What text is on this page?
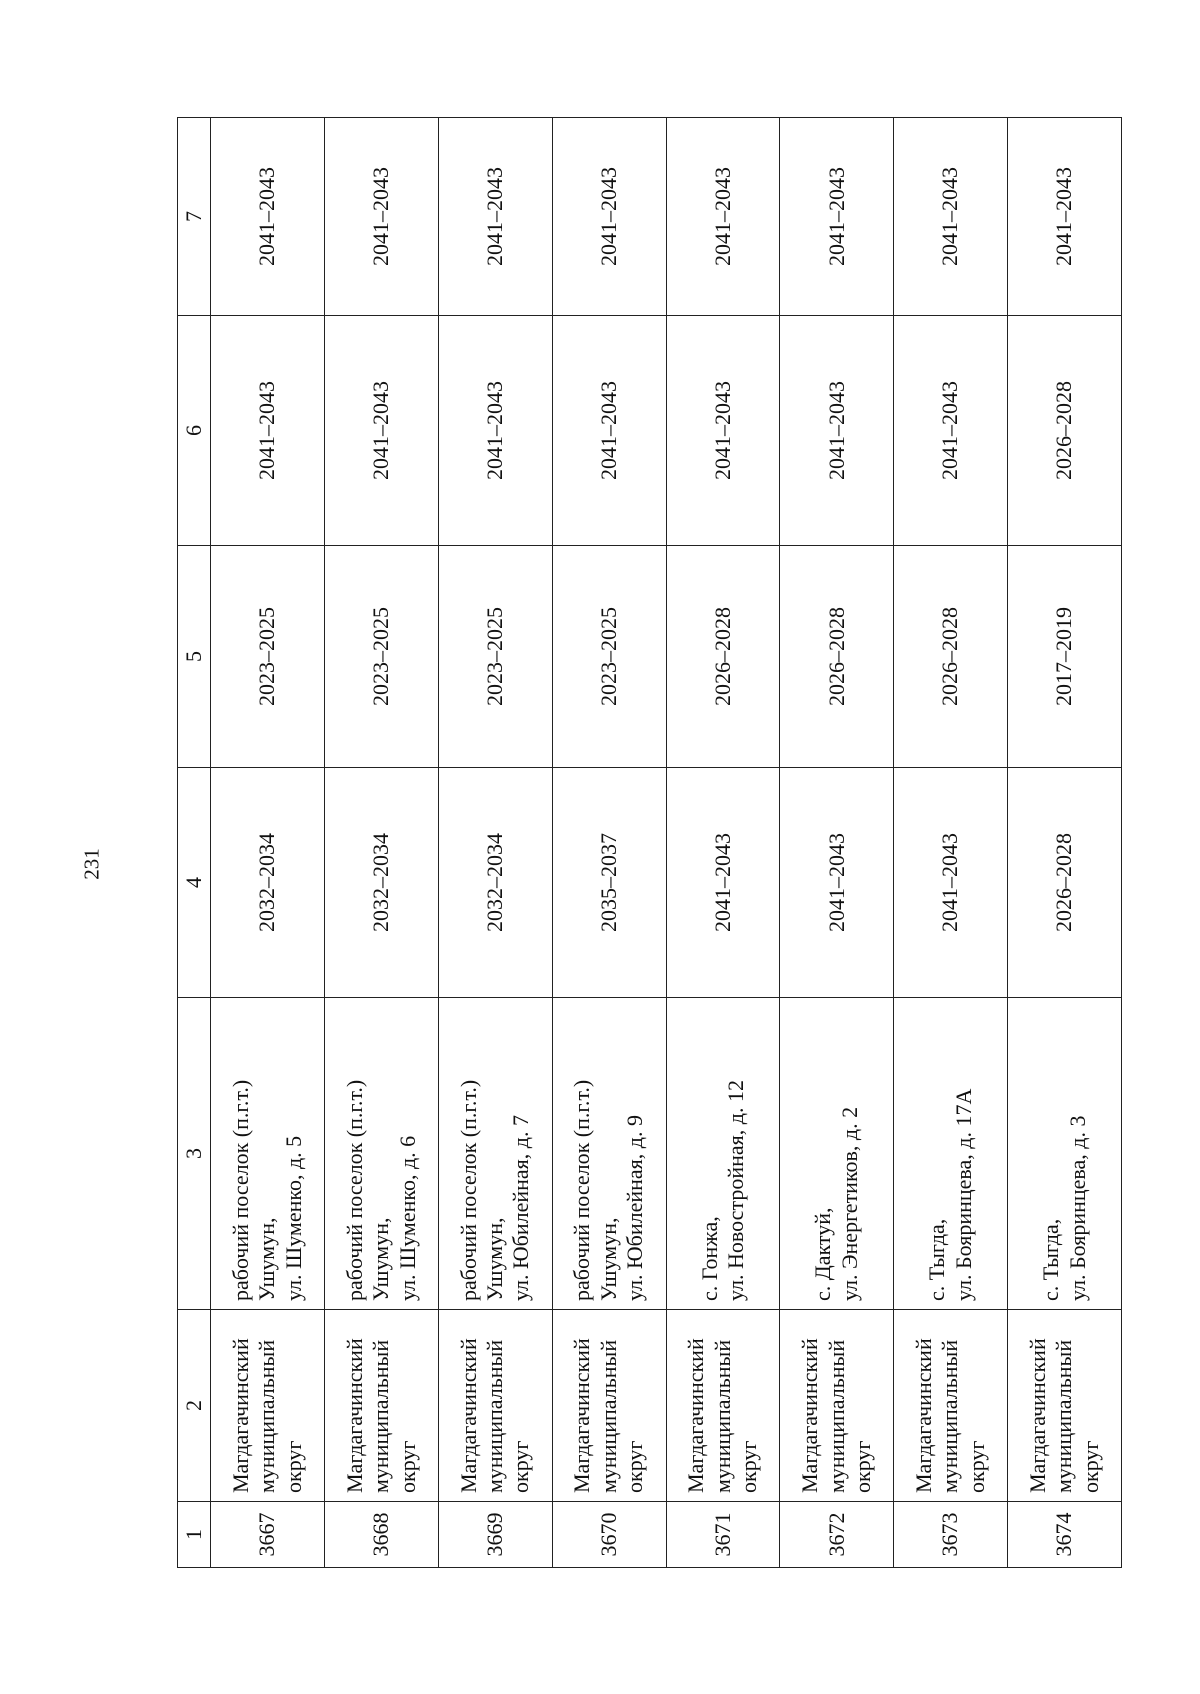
231
1	2	3	4	5	6	7
3667	Магдагачинский муниципальный округ	рабочий поселок (п.г.т.) Ушумун, ул. Шуменко, д. 5	2032–2034	2023–2025	2041–2043	2041–2043
3668	Магдагачинский муниципальный округ	рабочий поселок (п.г.т.) Ушумун, ул. Шуменко, д. 6	2032–2034	2023–2025	2041–2043	2041–2043
3669	Магдагачинский муниципальный округ	рабочий поселок (п.г.т.) Ушумун, ул. Юбилейная, д. 7	2032–2034	2023–2025	2041–2043	2041–2043
3670	Магдагачинский муниципальный округ	рабочий поселок (п.г.т.) Ушумун, ул. Юбилейная, д. 9	2035–2037	2023–2025	2041–2043	2041–2043
3671	Магдагачинский муниципальный округ	с. Гонжа, ул. Новостройная, д. 12	2041–2043	2026–2028	2041–2043	2041–2043
3672	Магдагачинский муниципальный округ	с. Дактуй, ул. Энергетиков, д. 2	2041–2043	2026–2028	2041–2043	2041–2043
3673	Магдагачинский муниципальный округ	с. Тыгда, ул. Бояринцева, д. 17А	2041–2043	2026–2028	2041–2043	2041–2043
3674	Магдагачинский муниципальный округ	с. Тыгда, ул. Бояринцева, д. 3	2026–2028	2017–2019	2026–2028	2041–2043
